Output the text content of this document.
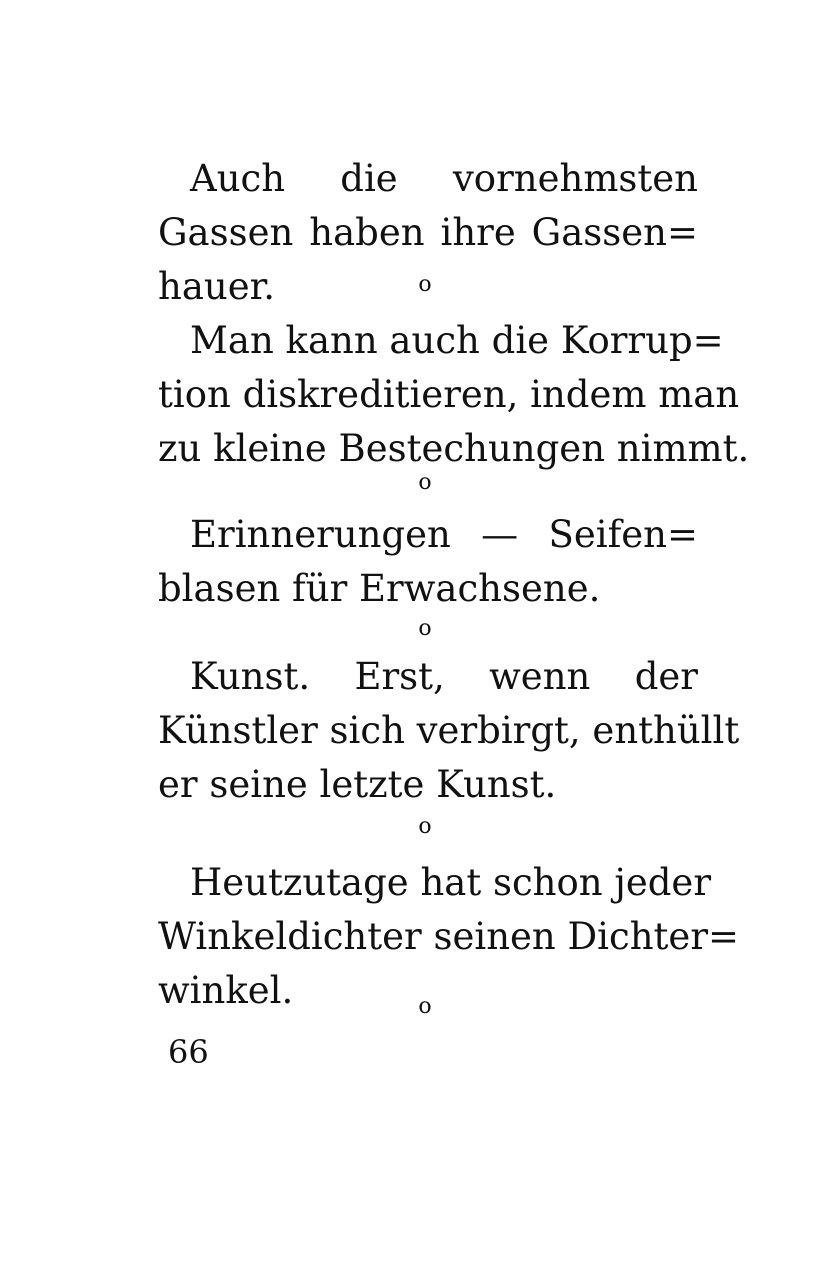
Auch die vornehmsten
Gassen haben ihre Gassen=
hauer.	o
Man kann auch die Korrup=
tion diskreditieren, indem man
zu kleine Bestechungen nimmt.
o
Erinnerungen — Seifen=
blasen für Erwachsene.
o
Kunst. Erst, wenn der
Künstler sich verbirgt, enthüllt
er seine letzte Kunst.
o
Heutzutage hat schon jeder
Winkeldichter seinen Dichter=
winkel.	o
66
